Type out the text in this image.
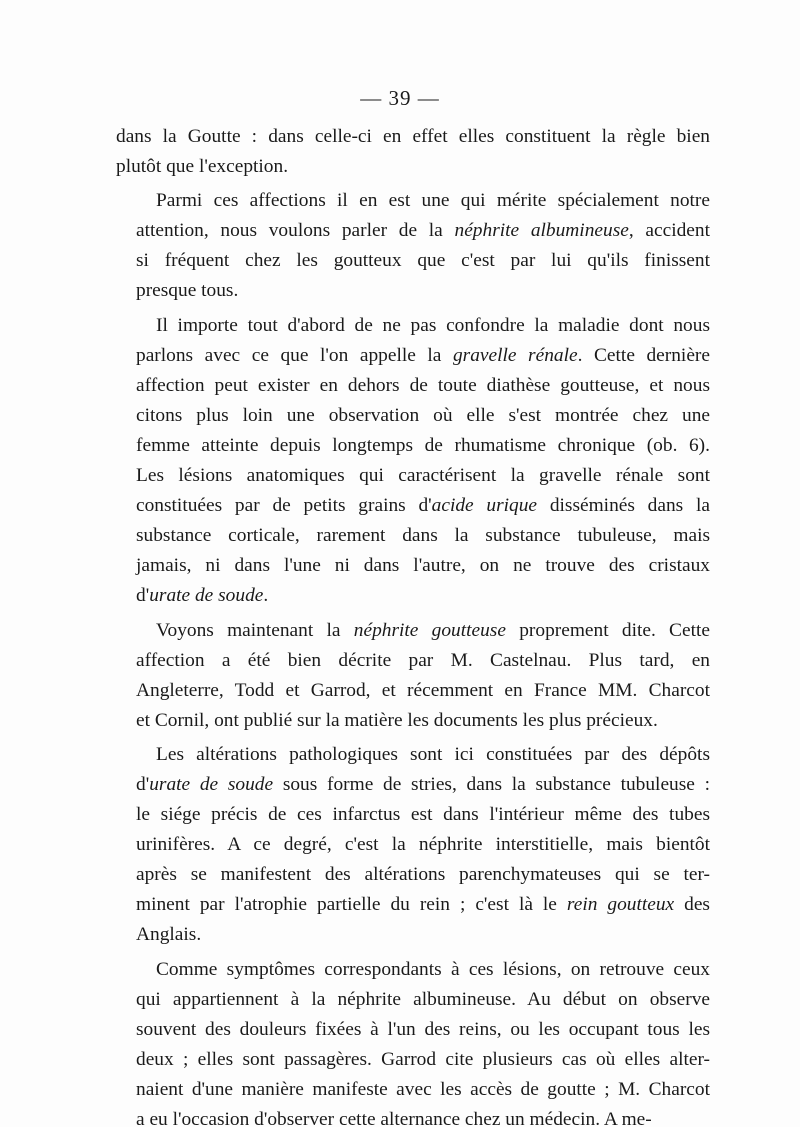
— 39 —

dans la Goutte : dans celle-ci en effet elles constituent la règle bien
plutôt que l'exception.

Parmi ces affections il en est une qui mérite spécialement notre
attention, nous voulons parler de la néphrite albumineuse, accident
si fréquent chez les goutteux que c'est par lui qu'ils finissent
presque tous.

Il importe tout d'abord de ne pas confondre la maladie dont nous
parlons avec ce que l'on appelle la gravelle rénale. Cette dernière
affection peut exister en dehors de toute diathèse goutteuse, et nous
citons plus loin une observation où elle s'est montrée chez une
femme atteinte depuis longtemps de rhumatisme chronique (ob. 6).
Les lésions anatomiques qui caractérisent la gravelle rénale sont
constituées par de petits grains d'acide urique disséminés dans la
substance corticale, rarement dans la substance tubuleuse, mais
jamais, ni dans l'une ni dans l'autre, on ne trouve des cristaux
d'urate de soude.

Voyons maintenant la néphrite goutteuse proprement dite. Cette
affection a été bien décrite par M. Castelnau. Plus tard, en
Angleterre, Todd et Garrod, et récemment en France MM. Charcot
et Cornil, ont publié sur la matière les documents les plus précieux.

Les altérations pathologiques sont ici constituées par des dépôts
d'urate de soude sous forme de stries, dans la substance tubuleuse :
le siége précis de ces infarctus est dans l'intérieur même des tubes
urinifères. A ce degré, c'est la néphrite interstitielle, mais bientôt
après se manifestent des altérations parenchymateuses qui se ter-
minent par l'atrophie partielle du rein ; c'est là le rein goutteux des
Anglais.

Comme symptômes correspondants à ces lésions, on retrouve ceux
qui appartiennent à la néphrite albumineuse. Au début on observe
souvent des douleurs fixées à l'un des reins, ou les occupant tous les
deux ; elles sont passagères. Garrod cite plusieurs cas où elles alter-
naient d'une manière manifeste avec les accès de goutte ; M. Charcot
a eu l'occasion d'observer cette alternance chez un médecin. A me-
